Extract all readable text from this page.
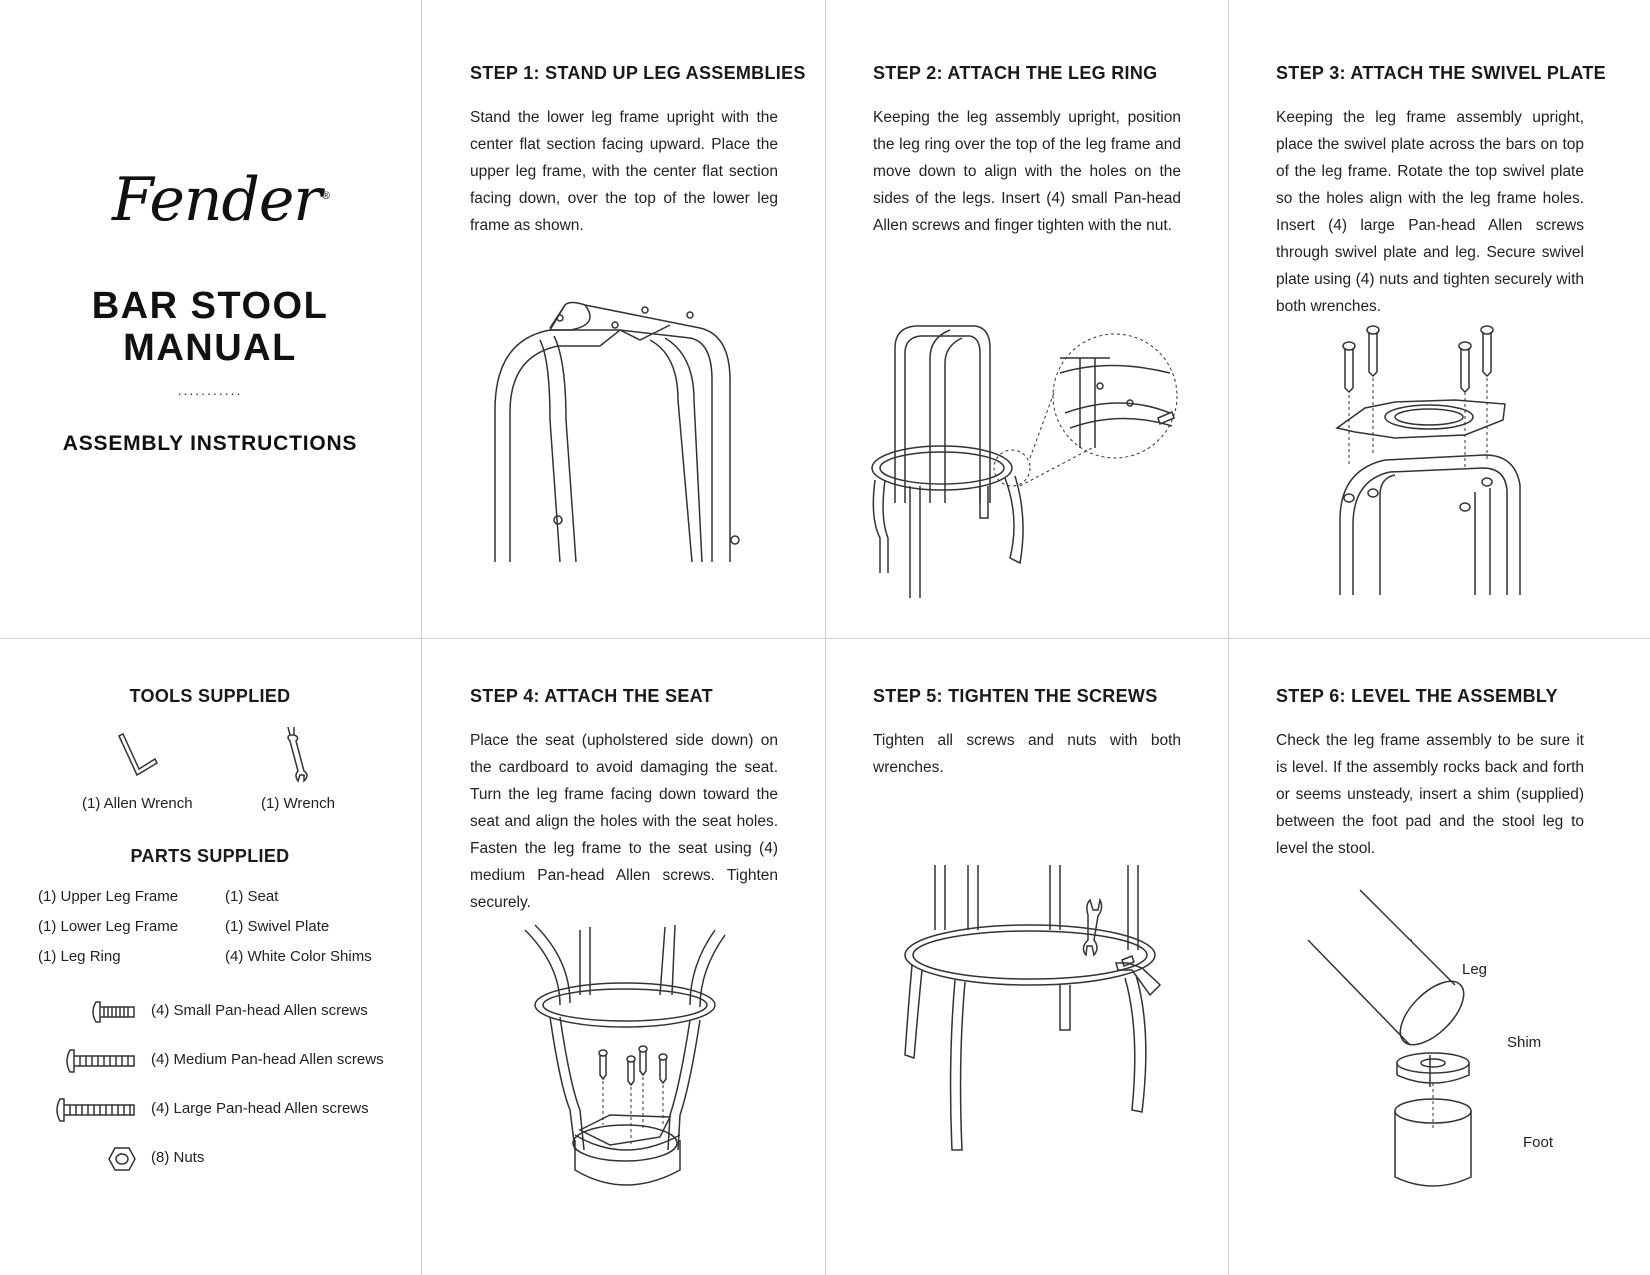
Fender®
BAR STOOL
MANUAL
...........
ASSEMBLY INSTRUCTIONS
TOOLS SUPPLIED
(1) Allen Wrench	(1) Wrench
PARTS SUPPLIED
(1) Upper Leg Frame
(1) Lower Leg Frame
(1) Leg Ring
(1) Seat
(1) Swivel Plate
(4) White Color Shims
(4) Small Pan-head Allen screws
(4) Medium Pan-head Allen screws
(4) Large Pan-head Allen screws
(8) Nuts
STEP 1: STAND UP LEG ASSEMBLIES
Stand the lower leg frame upright with the center flat section facing upward. Place the upper leg frame, with the center flat section facing down, over the top of the lower leg frame as shown.
STEP 2: ATTACH THE LEG RING
Keeping the leg assembly upright, position the leg ring over the top of the leg frame and move down to align with the holes on the sides of the legs. Insert (4) small Pan-head Allen screws and finger tighten with the nut.
STEP 3: ATTACH THE SWIVEL PLATE
Keeping the leg frame assembly upright, place the swivel plate across the bars on top of the leg frame. Rotate the top swivel plate so the holes align with the leg frame holes. Insert (4) large Pan-head Allen screws through swivel plate and leg. Secure swivel plate using (4) nuts and tighten securely with both wrenches.
STEP 4: ATTACH THE SEAT
Place the seat (upholstered side down) on the cardboard to avoid damaging the seat. Turn the leg frame facing down toward the seat and align the holes with the seat holes. Fasten the leg frame to the seat using (4) medium Pan-head Allen screws. Tighten securely.
STEP 5: TIGHTEN THE SCREWS
Tighten all screws and nuts with both wrenches.
STEP 6: LEVEL THE ASSEMBLY
Check the leg frame assembly to be sure it is level. If the assembly rocks back and forth or seems unsteady, insert a shim (supplied) between the foot pad and the stool leg to level the stool.
Leg
Shim
Foot
